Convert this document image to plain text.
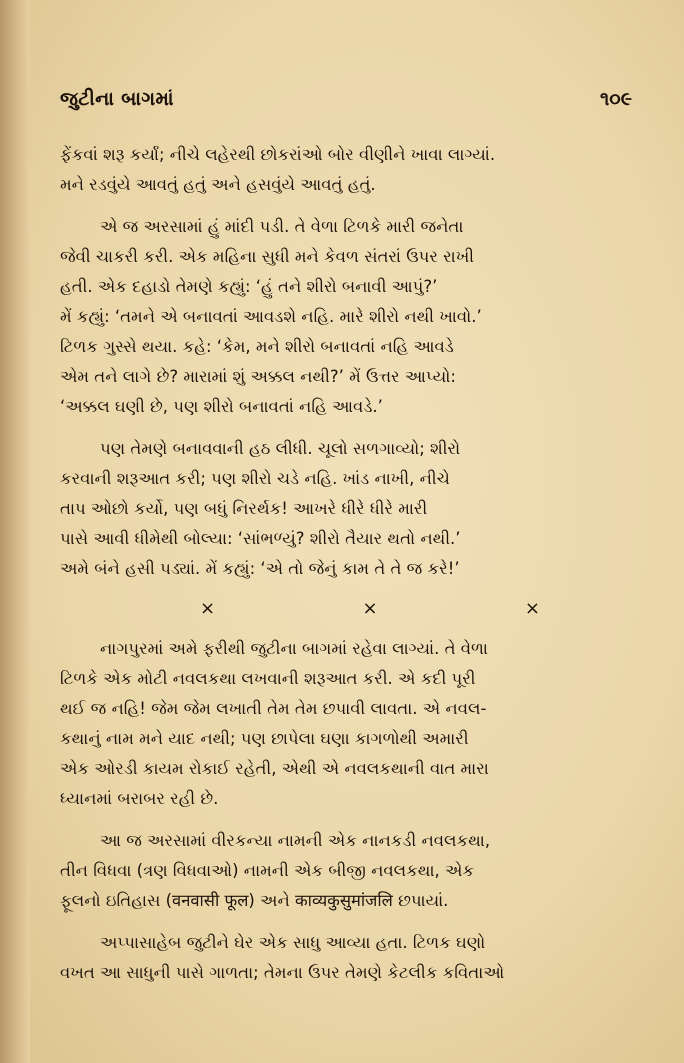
જુટીના બાગમાં	૧૦૯
ફેંકવાં શરૂ કર્યાં; નીચે લહેરથી છોકરાંઓ બોર વીણીને ખાવા લાગ્યાં.
મને રડવુંયે આવતું હતું અને હસવુંયે આવતું હતું.
એ જ અરસામાં હું માંદી પડી. તે વેળા ટિળકે મારી જનેતા
જેવી ચાકરી કરી. એક મહિના સુધી મને કેવળ સંતરાં ઉપર રાખી
હતી. એક દહાડો તેમણે કહ્યું: ‘હું તને શીરો બનાવી આપું?’
મેં કહ્યું: ‘તમને એ બનાવતાં આવડશે નહિ. મારે શીરો નથી ખાવો.’
ટિળક ગુસ્સે થયા. કહે: ‘કેમ, મને શીરો બનાવતાં નહિ આવડે
એમ તને લાગે છે? મારામાં શું અક્કલ નથી?’ મેં ઉત્તર આપ્યો:
‘અક્કલ ઘણી છે, પણ શીરો બનાવતાં નહિ આવડે.’
પણ તેમણે બનાવવાની હઠ લીધી. ચૂલો સળગાવ્યો; શીરો
કરવાની શરૂઆત કરી; પણ શીરો ચડે નહિ. ખાંડ નાખી, નીચે
તાપ ઓછો કર્યો, પણ બધું નિરર્થક! આખરે ધીરે ધીરે મારી
પાસે આવી ધીમેથી બોલ્યા: ‘સાંભળ્યું? શીરો તૈયાર થતો નથી.’
અમે બંને હસી પડ્યાં. મેં કહ્યું: ‘એ તો જેનું કામ તે તે જ કરે!’
×	×	×
નાગપુરમાં અમે ફરીથી જુટીના બાગમાં રહેવા લાગ્યાં. તે વેળા
ટિળકે એક મોટી નવલકથા લખવાની શરૂઆત કરી. એ કદી પૂરી
થઈ જ નહિ! જેમ જેમ લખાતી તેમ તેમ છપાવી લાવતા. એ નવલ-
કથાનું નામ મને યાદ નથી; પણ છાપેલા ઘણા કાગળોથી અમારી
એક ઓરડી કાયમ રોકાઈ રહેતી, એથી એ નવલકથાની વાત મારા
ધ્યાનમાં બરાબર રહી છે.
આ જ અરસામાં વીરકન્યા નામની એક નાનકડી નવલકથા,
તીન વિધવા (ત્રણ વિધવાઓ) નામની એક બીજી નવલકથા, એક
ફૂલનો ઇતિહાસ (वनवासी फूल) અને काव्यकुसुमांजलि છપાયાં.
અપ્પાસાહેબ જુટીને ઘેર એક સાધુ આવ્યા હતા. ટિળક ઘણો
વખત આ સાધુની પાસે ગાળતા; તેમના ઉપર તેમણે કેટલીક કવિતાઓ
